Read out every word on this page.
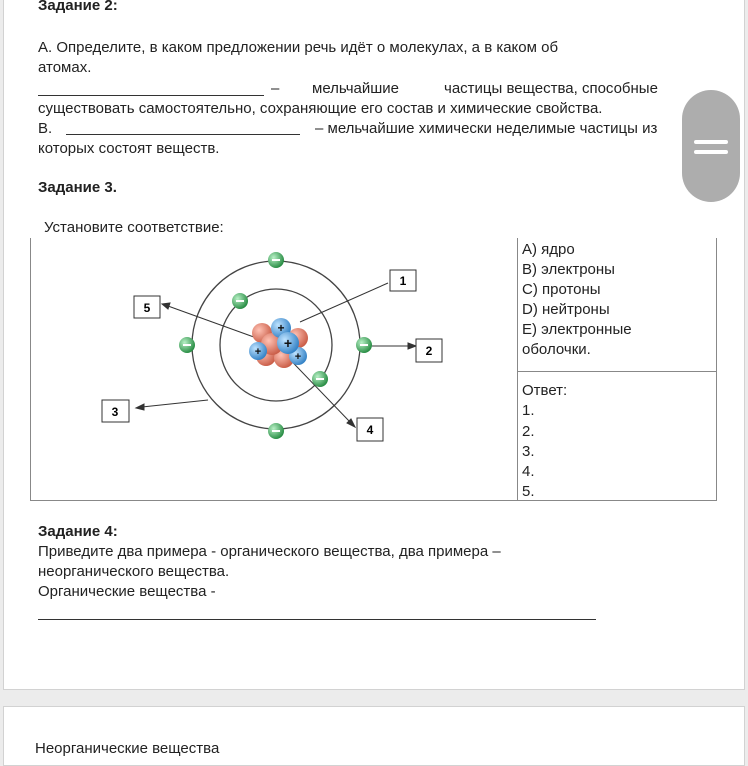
Задание 2:
А. Определите, в каком предложении речь идёт о молекулах, а в каком об
атомах.
– мельчайшие	частицы вещества, способные
существовать самостоятельно, сохраняющие его состав и химические свойства.
В.	– мельчайшие химически неделимые частицы из
которых состоят веществ.
Задание 3.
Установите соответствие:
Задание 4:
Приведите два примера - органического вещества, два примера –
неорганического вещества.
Органические вещества -
А) ядро
В) электроны
С) протоны
D) нейтроны
Е) электронные
оболочки.
Ответ:
1.
2.
3.
4.
5.
+
+
+
+
1
2
3
4
5
Неорганические вещества
